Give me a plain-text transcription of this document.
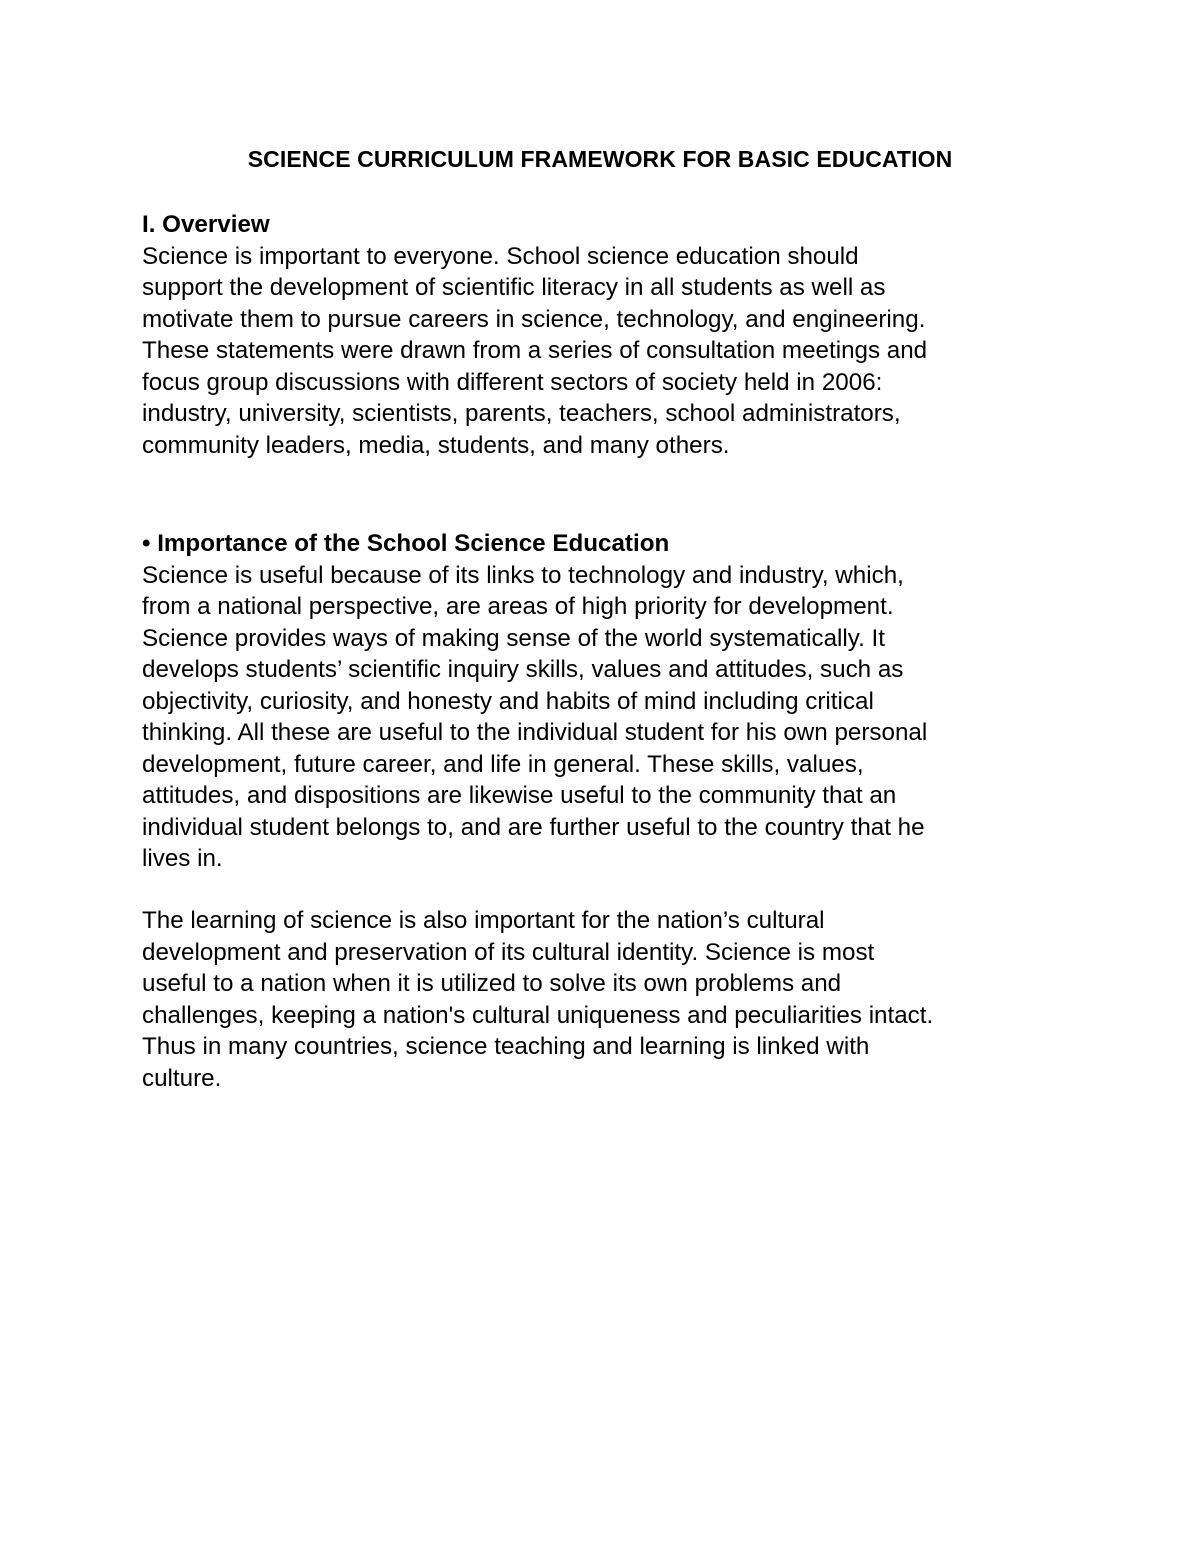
SCIENCE CURRICULUM FRAMEWORK FOR BASIC EDUCATION
I. Overview
Science is important to everyone. School science education should
support the development of scientific literacy in all students as well as
motivate them to pursue careers in science, technology, and engineering.
These statements were drawn from a series of consultation meetings and
focus group discussions with different sectors of society held in 2006:
industry, university, scientists, parents, teachers, school administrators,
community leaders, media, students, and many others.
• Importance of the School Science Education
Science is useful because of its links to technology and industry, which,
from a national perspective, are areas of high priority for development.
Science provides ways of making sense of the world systematically. It
develops students’ scientific inquiry skills, values and attitudes, such as
objectivity, curiosity, and honesty and habits of mind including critical
thinking. All these are useful to the individual student for his own personal
development, future career, and life in general. These skills, values,
attitudes, and dispositions are likewise useful to the community that an
individual student belongs to, and are further useful to the country that he
lives in.
The learning of science is also important for the nation’s cultural
development and preservation of its cultural identity. Science is most
useful to a nation when it is utilized to solve its own problems and
challenges, keeping a nation's cultural uniqueness and peculiarities intact.
Thus in many countries, science teaching and learning is linked with
culture.
